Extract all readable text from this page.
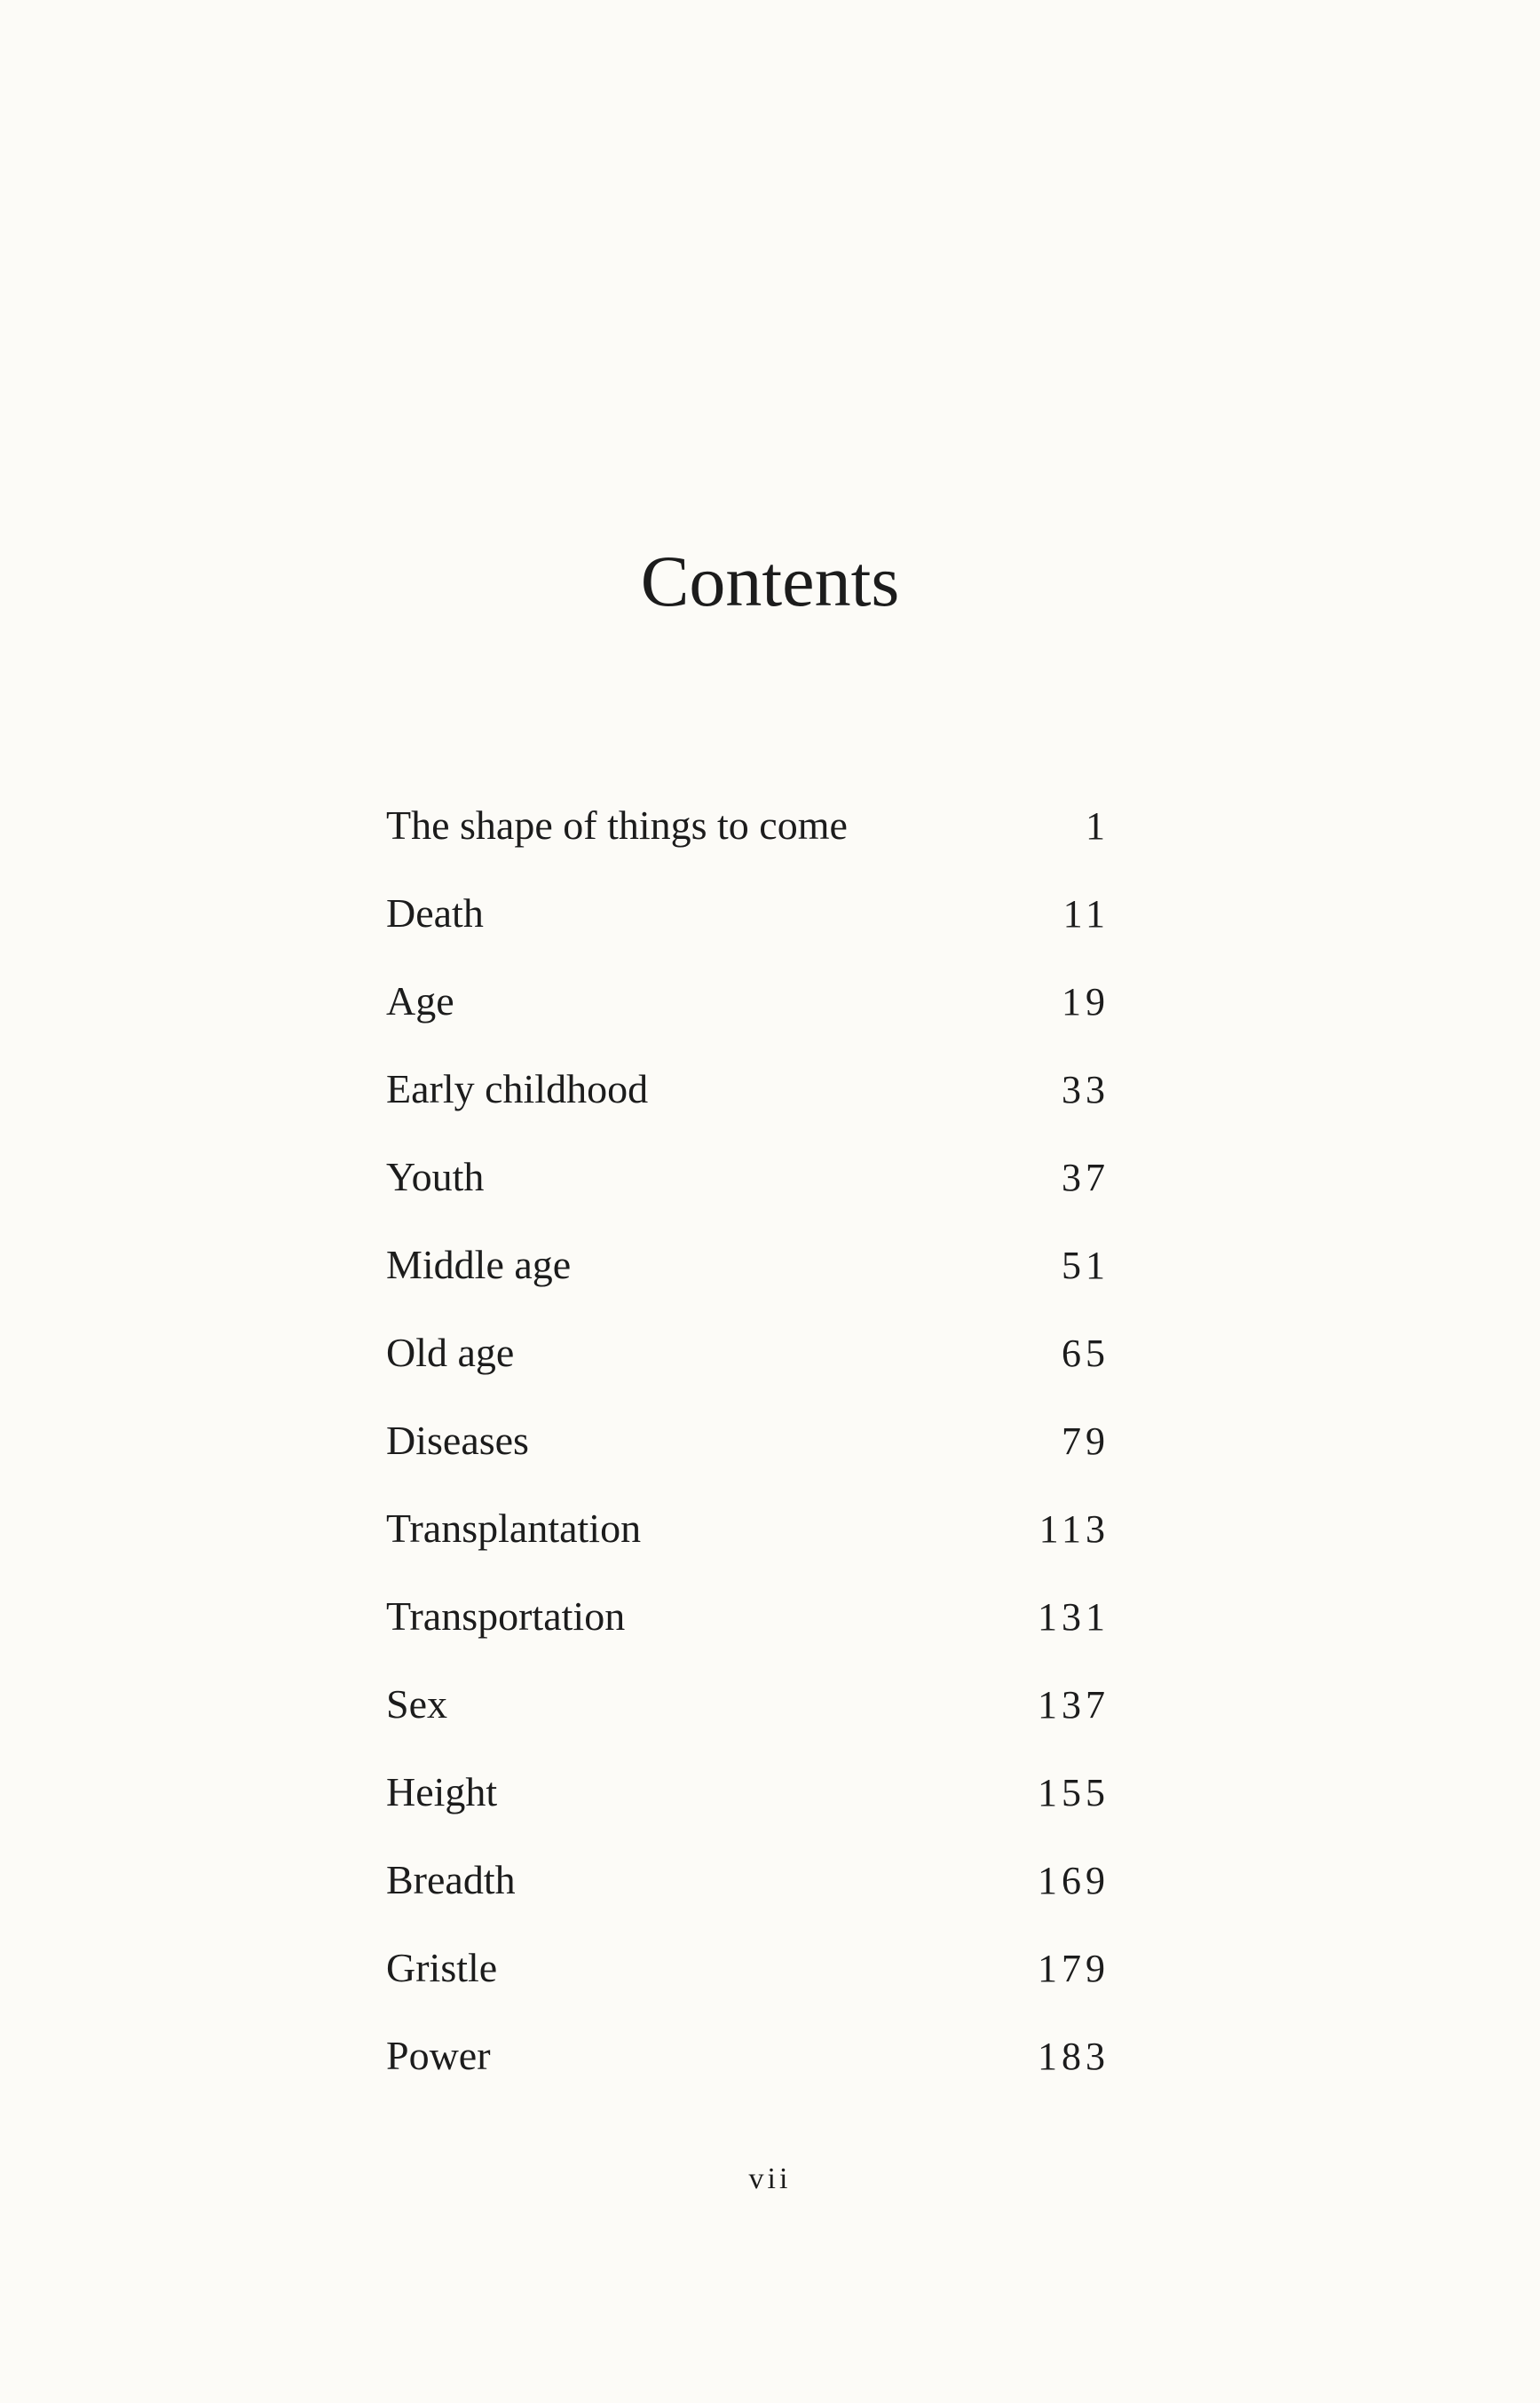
Contents
The shape of things to come	1
Death	11
Age	19
Early childhood	33
Youth	37
Middle age	51
Old age	65
Diseases	79
Transplantation	113
Transportation	131
Sex	137
Height	155
Breadth	169
Gristle	179
Power	183
vii
